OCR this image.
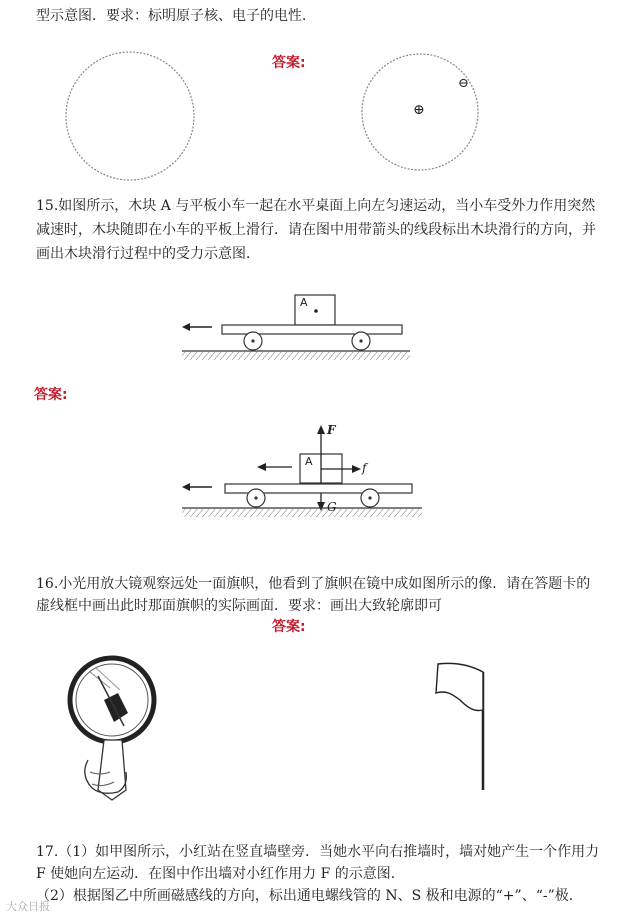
型示意图．要求：标明原子核、电子的电性．
答案:
⊕
⊖
15.如图所示，木块 A 与平板小车一起在水平桌面上向左匀速运动，当小车受外力作用突然
减速时，木块随即在小车的平板上滑行．请在图中用带箭头的线段标出木块滑行的方向，并
画出木块滑行过程中的受力示意图．
A
答案:
A
F
G
f
16.小光用放大镜观察远处一面旗帜，他看到了旗帜在镜中成如图所示的像．请在答题卡的
虚线框中画出此时那面旗帜的实际画面．要求：画出大致轮廓即可
答案:
17.（1）如甲图所示，小红站在竖直墙壁旁．当她水平向右推墙时，墙对她产生一个作用力
F 使她向左运动．在图中作出墙对小红作用力 F 的示意图．
（2）根据图乙中所画磁感线的方向，标出通电螺线管的 N、S 极和电源的“+”、“-”极．
大众日报
